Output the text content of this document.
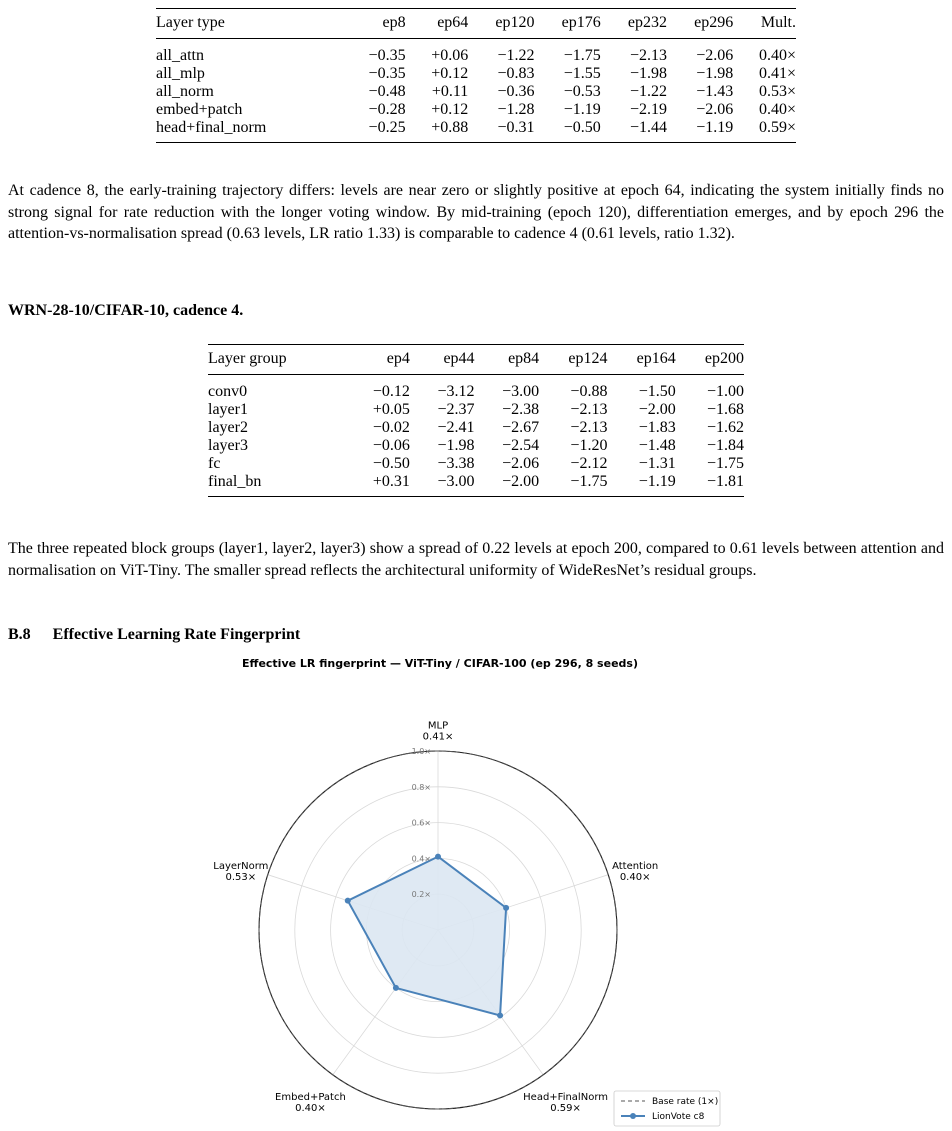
Layer type	ep8	ep64	ep120	ep176	ep232	ep296	Mult.
all_attn	−0.35	+0.06	−1.22	−1.75	−2.13	−2.06	0.40×
all_mlp	−0.35	+0.12	−0.83	−1.55	−1.98	−1.98	0.41×
all_norm	−0.48	+0.11	−0.36	−0.53	−1.22	−1.43	0.53×
embed+patch	−0.28	+0.12	−1.28	−1.19	−2.19	−2.06	0.40×
head+final_norm	−0.25	+0.88	−0.31	−0.50	−1.44	−1.19	0.59×

At cadence 8, the early-training trajectory differs: levels are near zero or slightly positive at epoch 64, indicating the system initially finds no strong signal for rate reduction with the longer voting window. By mid-training (epoch 120), differentiation emerges, and by epoch 296 the attention-vs-normalisation spread (0.63 levels, LR ratio 1.33) is comparable to cadence 4 (0.61 levels, ratio 1.32).

WRN-28-10/CIFAR-10, cadence 4.
Layer group	ep4	ep44	ep84	ep124	ep164	ep200
conv0	−0.12	−3.12	−3.00	−0.88	−1.50	−1.00
layer1	+0.05	−2.37	−2.38	−2.13	−2.00	−1.68
layer2	−0.02	−2.41	−2.67	−2.13	−1.83	−1.62
layer3	−0.06	−1.98	−2.54	−1.20	−1.48	−1.84
fc	−0.50	−3.38	−2.06	−2.12	−1.31	−1.75
final_bn	+0.31	−3.00	−2.00	−1.75	−1.19	−1.81

The three repeated block groups (layer1, layer2, layer3) show a spread of 0.22 levels at epoch 200, compared to 0.61 levels between attention and normalisation on ViT-Tiny. The smaller spread reflects the architectural uniformity of WideResNet’s residual groups.

B.8 Effective Learning Rate Fingerprint
Effective LR fingerprint — ViT-Tiny / CIFAR-100 (ep 296, 8 seeds)
0.2×
0.4×
0.6×
0.8×
1.0×
MLP
0.41×
Attention
0.40×
Head+FinalNorm
0.59×
Embed+Patch
0.40×
LayerNorm
0.53×
Base rate (1×)
LionVote c8
